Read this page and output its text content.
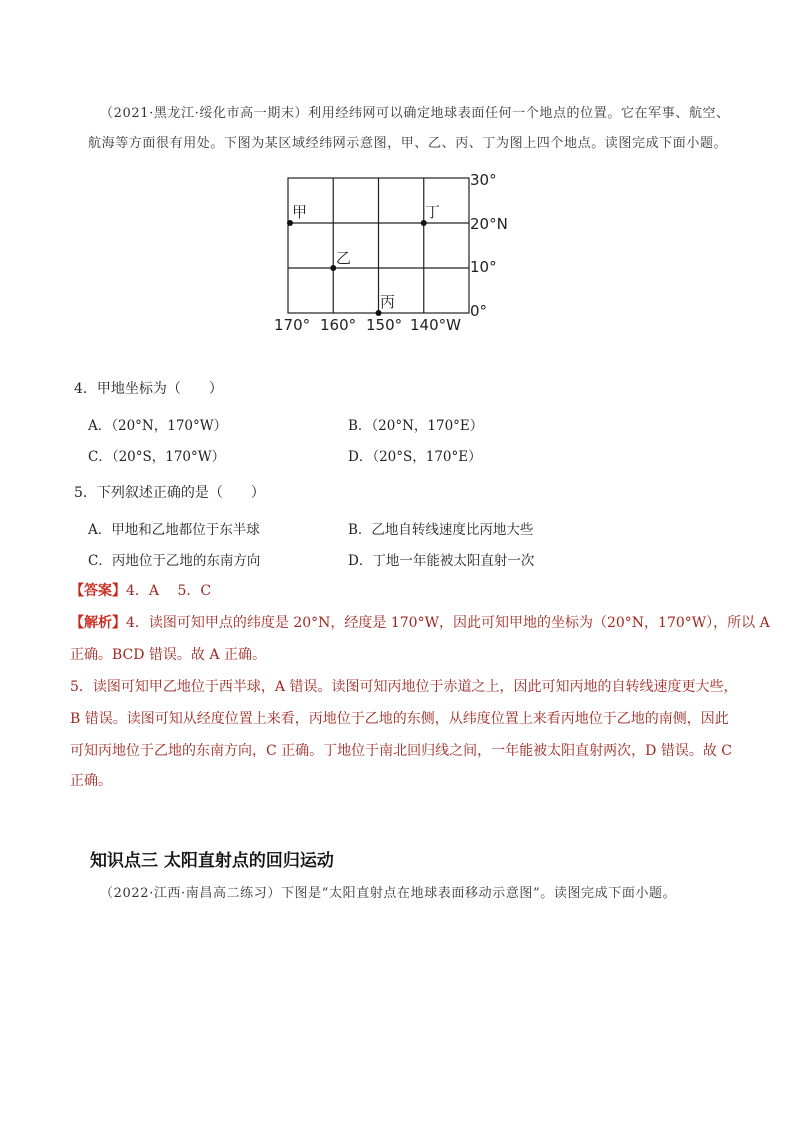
（2021·黑龙江·绥化市高一期末）利用经纬网可以确定地球表面任何一个地点的位置。它在军事、航空、
航海等方面很有用处。下图为某区域经纬网示意图，甲、乙、丙、丁为图上四个地点。读图完成下面小题。
30°
20°N
10°
0°
170° 160° 150° 140°W
甲
乙
丙
丁
4．甲地坐标为（　　）
A．（20°N，170°W）	B．（20°N，170°E）
C．（20°S，170°W）	D．（20°S，170°E）
5．下列叙述正确的是（　　）
A．甲地和乙地都位于东半球	B．乙地自转线速度比丙地大些
C．丙地位于乙地的东南方向	D．丁地一年能被太阳直射一次
【答案】4．A　 5．C
【解析】4．读图可知甲点的纬度是 20°N，经度是 170°W，因此可知甲地的坐标为（20°N，170°W），所以 A
正确。BCD 错误。故 A 正确。
5．读图可知甲乙地位于西半球，A 错误。读图可知丙地位于赤道之上，因此可知丙地的自转线速度更大些，
B 错误。读图可知从经度位置上来看，丙地位于乙地的东侧，从纬度位置上来看丙地位于乙地的南侧，因此
可知丙地位于乙地的东南方向，C 正确。丁地位于南北回归线之间，一年能被太阳直射两次，D 错误。故 C
正确。
知识点三 太阳直射点的回归运动
（2022·江西·南昌高二练习）下图是“太阳直射点在地球表面移动示意图”。读图完成下面小题。
